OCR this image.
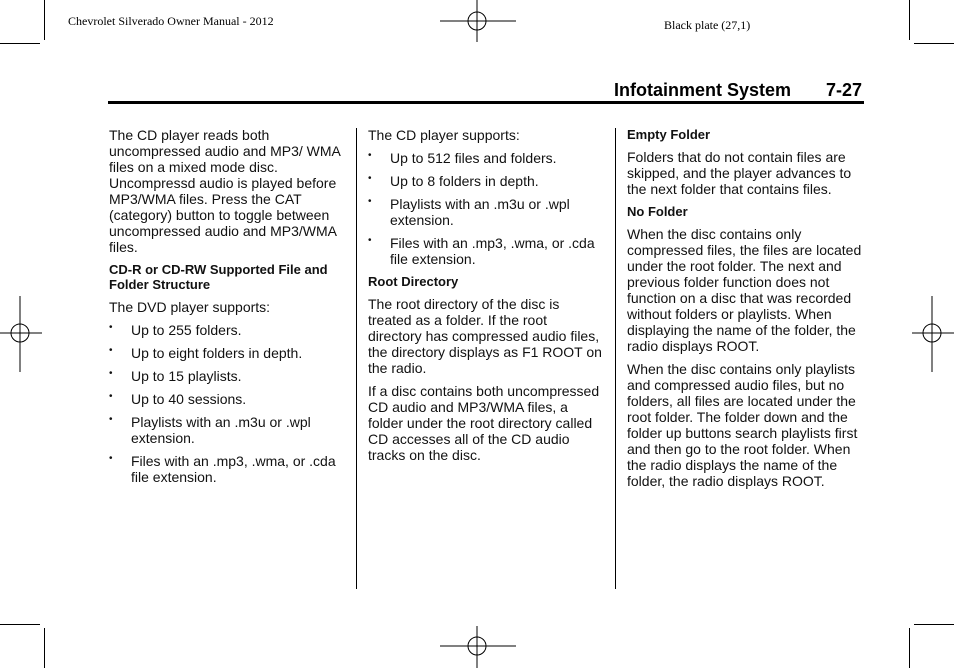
Chevrolet Silverado Owner Manual - 2012	Black plate (27,1)
Infotainment System 7-27

The CD player reads both uncompressed audio and MP3/ WMA files on a mixed mode disc. Uncompressd audio is played before MP3/WMA files. Press the CAT (category) button to toggle between uncompressed audio and MP3/WMA files.

CD-R or CD-RW Supported File and Folder Structure

The DVD player supports:

• Up to 255 folders.
• Up to eight folders in depth.
• Up to 15 playlists.
• Up to 40 sessions.
• Playlists with an .m3u or .wpl extension.
• Files with an .mp3, .wma, or .cda file extension.

The CD player supports:

• Up to 512 files and folders.
• Up to 8 folders in depth.
• Playlists with an .m3u or .wpl extension.
• Files with an .mp3, .wma, or .cda file extension.
Root Directory

The root directory of the disc is treated as a folder. If the root directory has compressed audio files, the directory displays as F1 ROOT on the radio.

If a disc contains both uncompressed CD audio and MP3/WMA files, a folder under the root directory called CD accesses all of the CD audio tracks on the disc.

Empty Folder

Folders that do not contain files are skipped, and the player advances to the next folder that contains files.

No Folder

When the disc contains only compressed files, the files are located under the root folder. The next and previous folder function does not function on a disc that was recorded without folders or playlists. When displaying the name of the folder, the radio displays ROOT.

When the disc contains only playlists and compressed audio files, but no folders, all files are located under the root folder. The folder down and the folder up buttons search playlists first and then go to the root folder. When the radio displays the name of the folder, the radio displays ROOT.
